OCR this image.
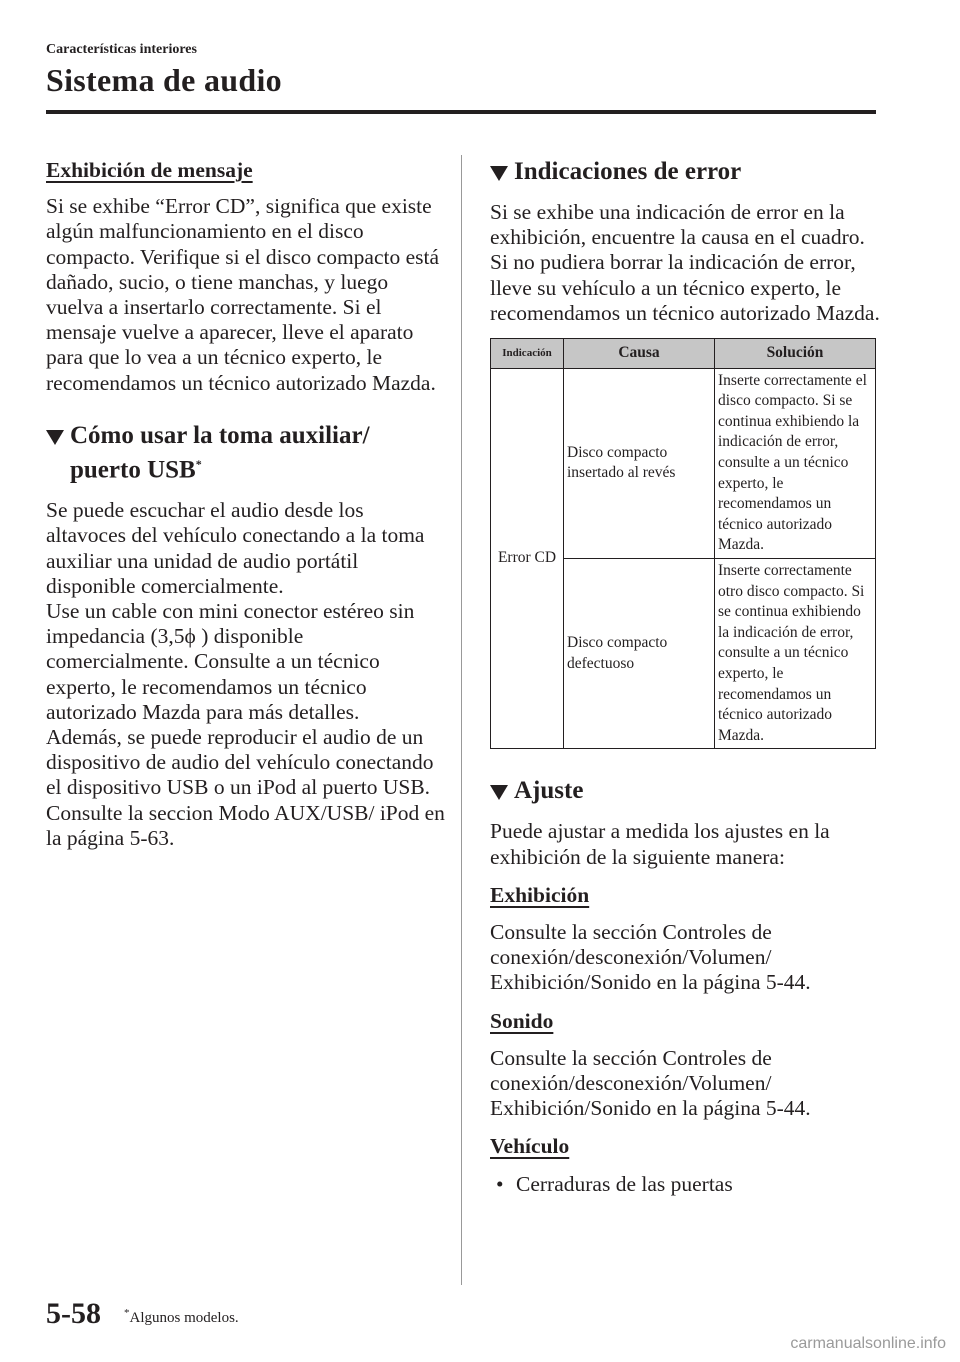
Características interiores
Sistema de audio

Exhibición de mensaje

Si se exhibe “Error CD”, significa que existe algún malfuncionamiento en el disco compacto. Verifique si el disco compacto está dañado, sucio, o tiene manchas, y luego vuelva a insertarlo correctamente. Si el mensaje vuelve a aparecer, lleve el aparato para que lo vea a un técnico experto, le recomendamos un técnico autorizado Mazda.

Cómo usar la toma auxiliar/
puerto USB*

Se puede escuchar el audio desde los altavoces del vehículo conectando a la toma auxiliar una unidad de audio portátil disponible comercialmente.

Use un cable con mini conector estéreo sin impedancia (3,5ϕ ) disponible comercialmente. Consulte a un técnico experto, le recomendamos un técnico autorizado Mazda para más detalles.

Además, se puede reproducir el audio de un dispositivo de audio del vehículo conectando el dispositivo USB o un iPod al puerto USB.

Consulte la seccion Modo AUX/USB/ iPod en la página 5-63.

Indicaciones de error

Si se exhibe una indicación de error en la exhibición, encuentre la causa en el cuadro. Si no pudiera borrar la indicación de error, lleve su vehículo a un técnico experto, le recomendamos un técnico autorizado Mazda.

Indicación	Causa	Solución
Error CD	Disco compacto insertado al revés	Inserte correctamente el disco compacto. Si se continua exhibiendo la indicación de error, consulte a un técnico experto, le recomendamos un técnico autorizado Mazda.
	Disco compacto defectuoso	Inserte correctamente otro disco compacto. Si se continua exhibiendo la indicación de error, consulte a un técnico experto, le recomendamos un técnico autorizado Mazda.
Ajuste

Puede ajustar a medida los ajustes en la exhibición de la siguiente manera:

Exhibición

Consulte la sección Controles de conexión/desconexión/Volumen/ Exhibición/Sonido en la página 5-44.

Sonido

Consulte la sección Controles de conexión/desconexión/Volumen/ Exhibición/Sonido en la página 5-44.

Vehículo

• Cerraduras de las puertas

5-58 *Algunos modelos.
carmanualsonline.info
